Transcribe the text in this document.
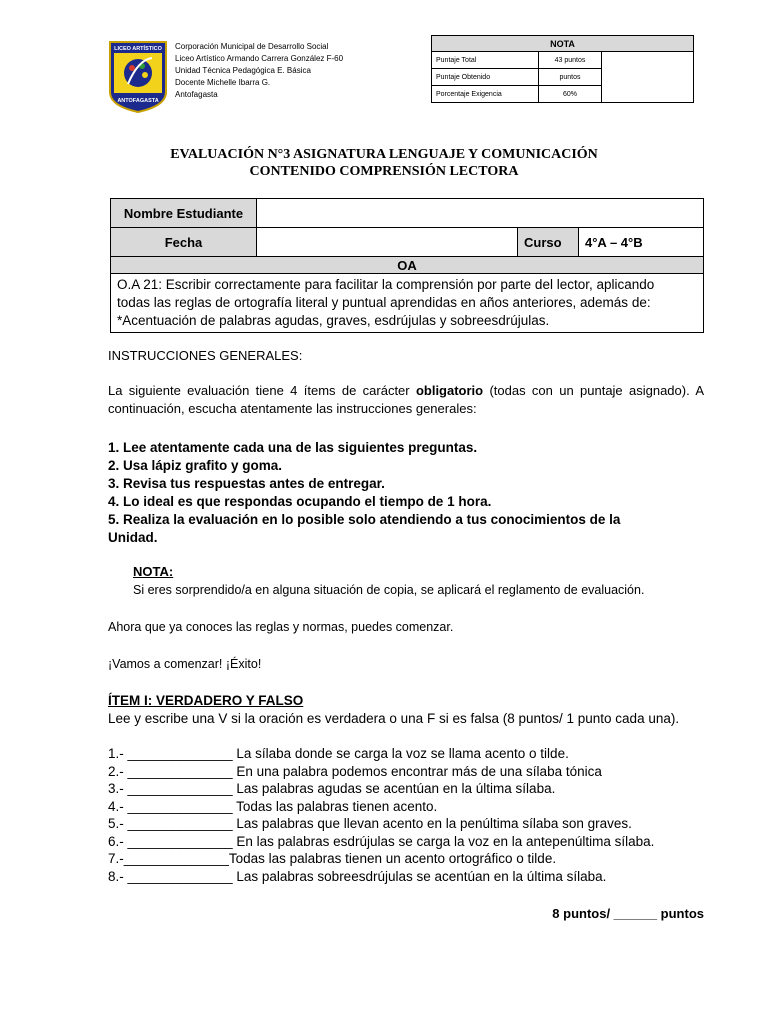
LICEO ARTÍSTICO
ANTOFAGASTA
Corporación Municipal de Desarrollo Social
Liceo Artístico Armando Carrera González F-60
Unidad Técnica Pedagógica E. Básica
Docente Michelle Ibarra G.
Antofagasta
NOTA		
Puntaje Total	43 puntos	
Puntaje Obtenido	puntos	
Porcentaje Exigencia	60%	
EVALUACIÓN N°3 ASIGNATURA LENGUAJE Y COMUNICACIÓN
CONTENIDO COMPRENSIÓN LECTORA
Nombre Estudiante			
Fecha		Curso	4°A – 4°B
OA			

O.A 21: Escribir correctamente para facilitar la comprensión por parte del lector, aplicando
todas las reglas de ortografía literal y puntual aprendidas en años anteriores, además de:
*Acentuación de palabras agudas, graves, esdrújulas y sobreesdrújulas.			
INSTRUCCIONES GENERALES:
La siguiente evaluación tiene 4 ítems de carácter obligatorio (todas con un puntaje asignado). A continuación, escucha atentamente las instrucciones generales:
1. Lee atentamente cada una de las siguientes preguntas.
2. Usa lápiz grafito y goma.
3. Revisa tus respuestas antes de entregar.
4. Lo ideal es que respondas ocupando el tiempo de 1 hora.
5. Realiza la evaluación en lo posible solo atendiendo a tus conocimientos de la
Unidad.
NOTA:
Si eres sorprendido/a en alguna situación de copia, se aplicará el reglamento de evaluación.
Ahora que ya conoces las reglas y normas, puedes comenzar.
¡Vamos a comenzar! ¡Éxito!
ÍTEM I: VERDADERO Y FALSO
Lee y escribe una V si la oración es verdadera o una F si es falsa (8 puntos/ 1 punto cada una).
1.- ______________ La sílaba donde se carga la voz se llama acento o tilde.
2.- ______________ En una palabra podemos encontrar más de una sílaba tónica
3.- ______________ Las palabras agudas se acentúan en la última sílaba.
4.- ______________ Todas las palabras tienen acento.
5.- ______________ Las palabras que llevan acento en la penúltima sílaba son graves.
6.- ______________ En las palabras esdrújulas se carga la voz en la antepenúltima sílaba.
7.-______________Todas las palabras tienen un acento ortográfico o tilde.
8.- ______________ Las palabras sobreesdrújulas se acentúan en la última sílaba.
8 puntos/ ______ puntos
